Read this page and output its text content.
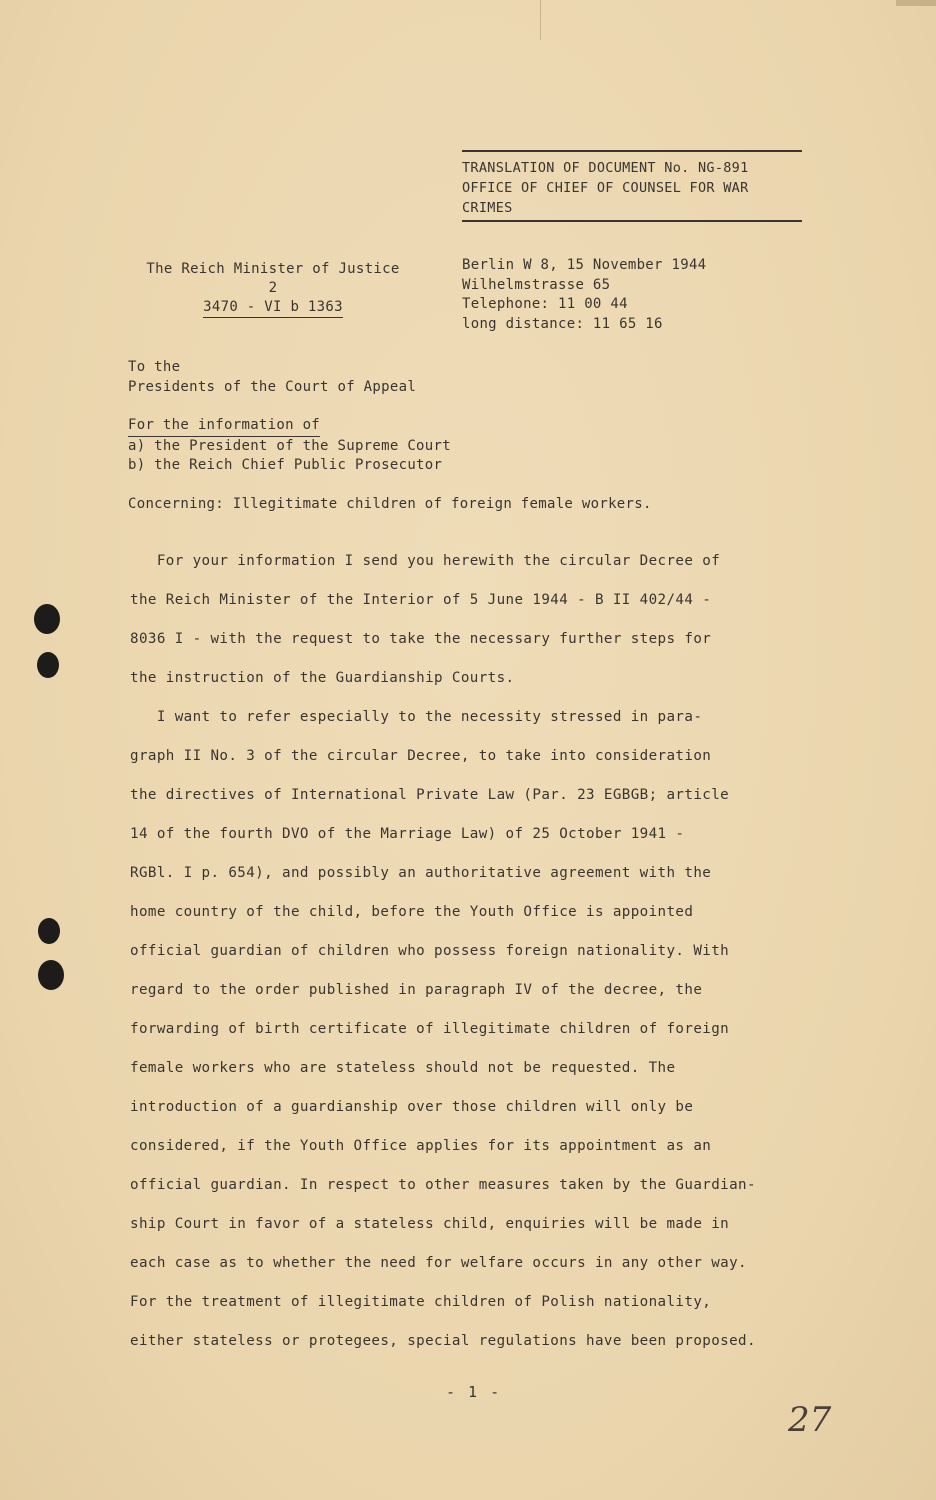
TRANSLATION OF DOCUMENT No. NG-891
OFFICE OF CHIEF OF COUNSEL FOR WAR
CRIMES
The Reich Minister of Justice
2
3470 - VI b 1363
Berlin W 8, 15 November 1944
Wilhelmstrasse 65
Telephone: 11 00 44
long distance: 11 65 16
To the
Presidents of the Court of Appeal
For the information of
a) the President of the Supreme Court
b) the Reich Chief Public Prosecutor
Concerning: Illegitimate children of foreign female workers.
For your information I send you herewith the circular Decree of
the Reich Minister of the Interior of 5 June 1944 - B II 402/44 -
8036 I - with the request to take the necessary further steps for
the instruction of the Guardianship Courts.
I want to refer especially to the necessity stressed in para-
graph II No. 3 of the circular Decree, to take into consideration
the directives of International Private Law (Par. 23 EGBGB; article
14 of the fourth DVO of the Marriage Law) of 25 October 1941 -
RGBl. I p. 654), and possibly an authoritative agreement with the
home country of the child, before the Youth Office is appointed
official guardian of children who possess foreign nationality. With
regard to the order published in paragraph IV of the decree, the
forwarding of birth certificate of illegitimate children of foreign
female workers who are stateless should not be requested. The
introduction of a guardianship over those children will only be
considered, if the Youth Office applies for its appointment as an
official guardian. In respect to other measures taken by the Guardian-
ship Court in favor of a stateless child, enquiries will be made in
each case as to whether the need for welfare occurs in any other way.
For the treatment of illegitimate children of Polish nationality,
either stateless or protegees, special regulations have been proposed.
- 1 -
27
